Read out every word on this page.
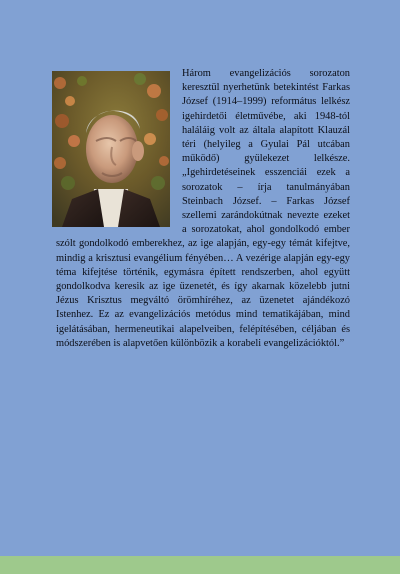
Három evangelizációs sorozaton keresztül nyerhetünk betekintést Farkas József (1914–1999) református lelkész igehirdetői életművébe, aki 1948-tól haláláig volt az általa alapított Klauzál téri (helyileg a Gyulai Pál utcában működő) gyülekezet lelkésze. „Igehirdetéseinek esszenciái ezek a sorozatok – írja tanulmányában Steinbach József. – Farkas József szellemi zarándokútnak nevezte ezeket a sorozatokat, ahol gondolkodó ember szólt gondolkodó emberekhez, az ige alapján, egy-egy témát kifejtve, mindig a krisztusi evangélium fényében… A vezérige alapján egy-egy téma kifejtése történik, egymásra épített rendszerben, ahol együtt gondolkodva keresik az ige üzenetét, és így akarnak közelebb jutni Jézus Krisztus megváltó örömhíréhez, az üzenetet ajándékozó Istenhez. Ez az evangelizációs metódus mind tematikájában, mind igelátásában, hermeneutikai alapelveiben, felépítésében, céljában és módszerében is alapvetően különbözik a korabeli evangelizációktól.”
